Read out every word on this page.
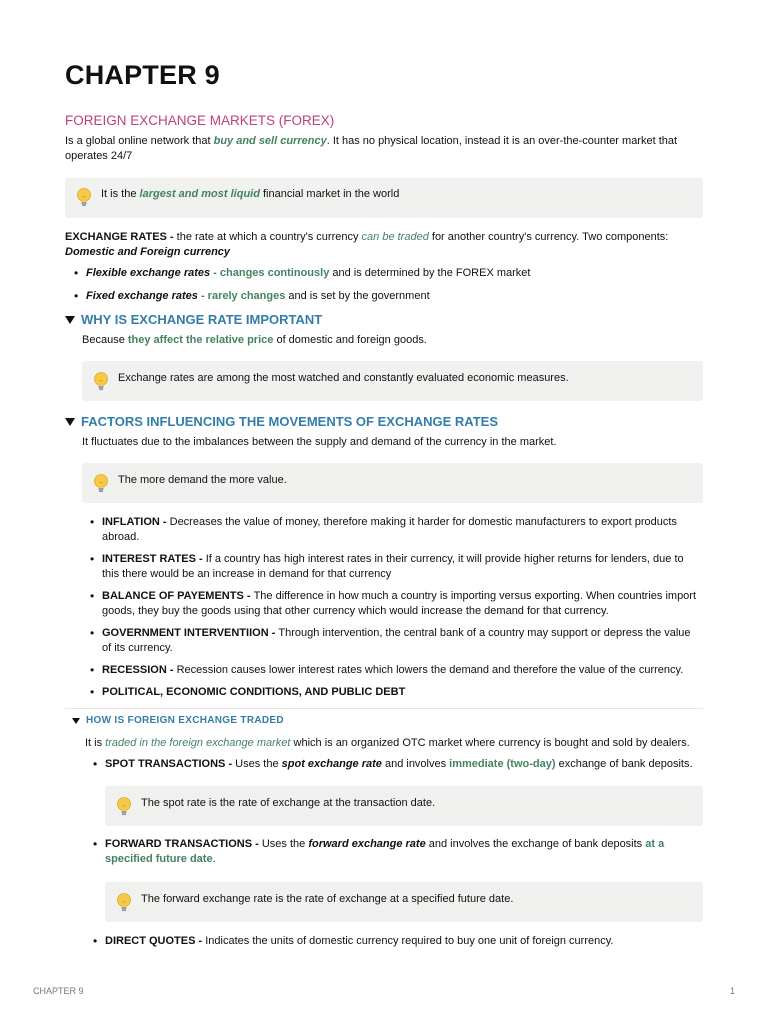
CHAPTER 9
FOREIGN EXCHANGE MARKETS (FOREX)

Is a global online network that buy and sell currency. It has no physical location, instead it is an over-the-counter market that operates 24/7

It is the largest and most liquid financial market in the world

EXCHANGE RATES - the rate at which a country's currency can be traded for another country's currency. Two components:
Domestic and Foreign currency

• Flexible exchange rates - changes continously and is determined by the FOREX market
• Fixed exchange rates - rarely changes and is set by the government
WHY IS EXCHANGE RATE IMPORTANT

Because they affect the relative price of domestic and foreign goods.

Exchange rates are among the most watched and constantly evaluated economic measures.
FACTORS INFLUENCING THE MOVEMENTS OF EXCHANGE RATES

It fluctuates due to the imbalances between the supply and demand of the currency in the market.

The more demand the more value.
• INFLATION - Decreases the value of money, therefore making it harder for domestic manufacturers to export products abroad.
• INTEREST RATES - If a country has high interest rates in their currency, it will provide higher returns for lenders, due to this there would be an increase in demand for that currency
• BALANCE OF PAYEMENTS - The difference in how much a country is importing versus exporting. When countries import goods, they buy the goods using that other currency which would increase the demand for that currency.
• GOVERNMENT INTERVENTIION - Through intervention, the central bank of a country may support or depress the value of its currency.
• RECESSION - Recession causes lower interest rates which lowers the demand and therefore the value of the currency.
• POLITICAL, ECONOMIC CONDITIONS, AND PUBLIC DEBT
HOW IS FOREIGN EXCHANGE TRADED

It is traded in the foreign exchange market which is an organized OTC market where currency is bought and sold by dealers.

• SPOT TRANSACTIONS - Uses the spot exchange rate and involves immediate (two-day) exchange of bank deposits.
The spot rate is the rate of exchange at the transaction date.
• FORWARD TRANSACTIONS - Uses the forward exchange rate and involves the exchange of bank deposits at a specified future date.
The forward exchange rate is the rate of exchange at a specified future date.
• DIRECT QUOTES - Indicates the units of domestic currency required to buy one unit of foreign currency.
CHAPTER 9	1
